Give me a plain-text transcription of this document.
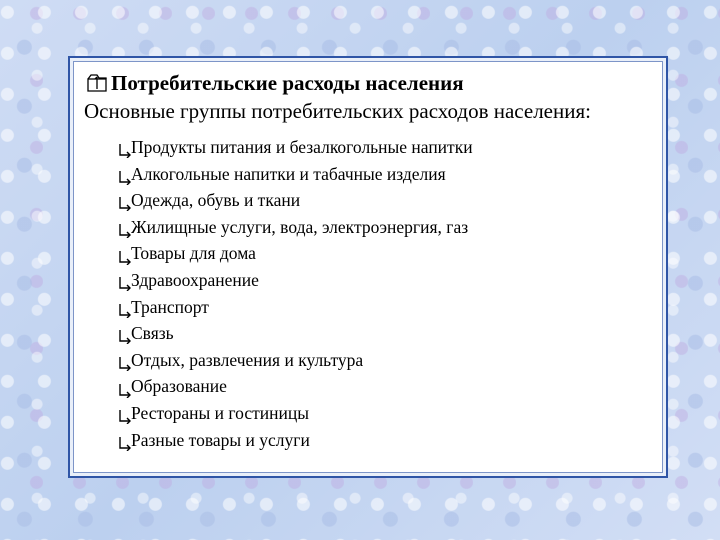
Потребительские расходы населения
Основные группы потребительских расходов населения:
Продукты питания и безалкогольные напитки
Алкогольные напитки и табачные изделия
Одежда, обувь и ткани
Жилищные услуги, вода, электроэнергия, газ
Товары для дома
Здравоохранение
Транспорт
Связь
Отдых, развлечения и культура
Образование
Рестораны и гостиницы
Разные товары и услуги
